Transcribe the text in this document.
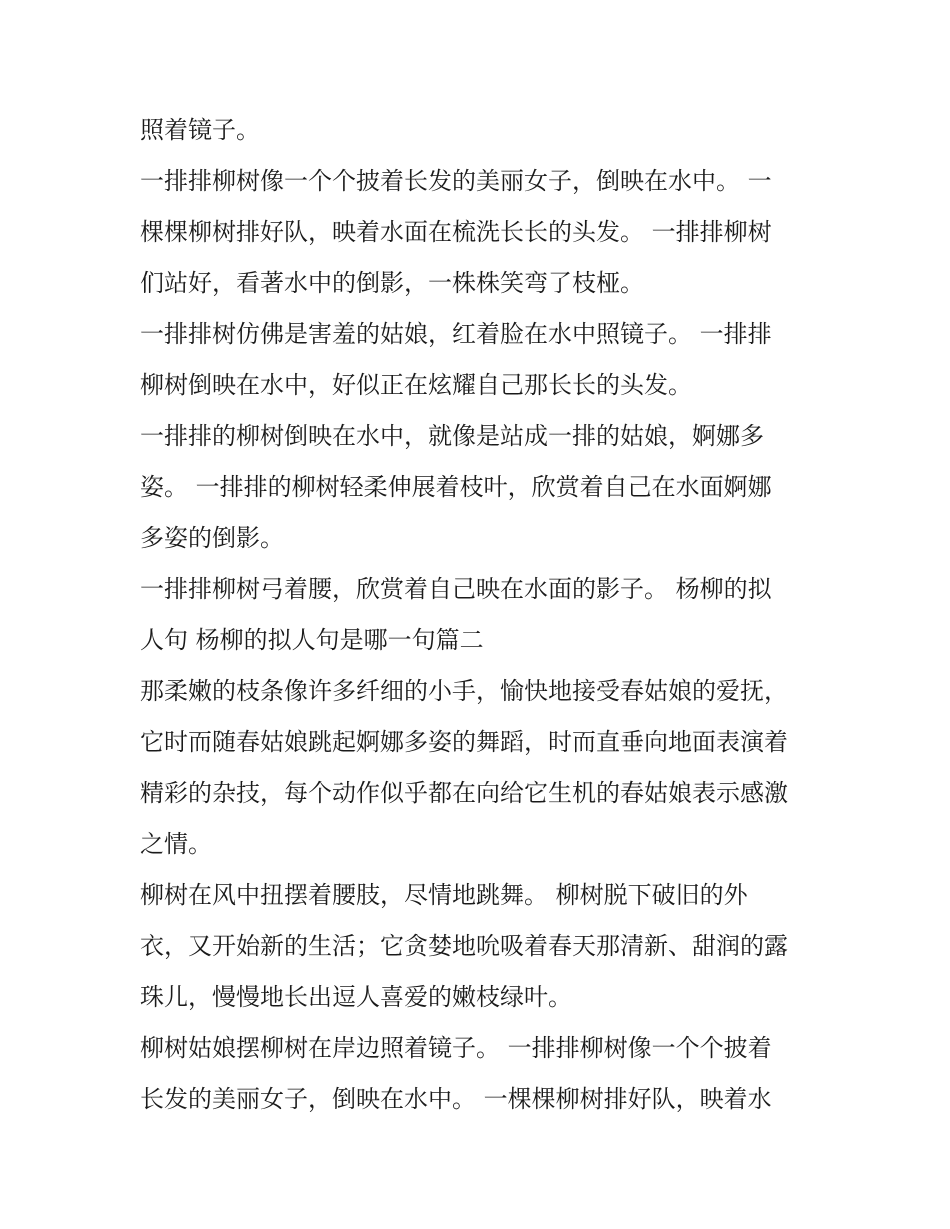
照着镜子。
一排排柳树像一个个披着长发的美丽女子，倒映在水中。 一
棵棵柳树排好队，映着水面在梳洗长长的头发。 一排排柳树
们站好，看著水中的倒影，一株株笑弯了枝桠。
一排排树仿佛是害羞的姑娘，红着脸在水中照镜子。 一排排
柳树倒映在水中，好似正在炫耀自己那长长的头发。
一排排的柳树倒映在水中，就像是站成一排的姑娘，婀娜多
姿。 一排排的柳树轻柔伸展着枝叶，欣赏着自己在水面婀娜
多姿的倒影。
一排排柳树弓着腰，欣赏着自己映在水面的影子。 杨柳的拟
人句 杨柳的拟人句是哪一句篇二
那柔嫩的枝条像许多纤细的小手，愉快地接受春姑娘的爱抚，
它时而随春姑娘跳起婀娜多姿的舞蹈，时而直垂向地面表演着
精彩的杂技，每个动作似乎都在向给它生机的春姑娘表示感激
之情。
柳树在风中扭摆着腰肢，尽情地跳舞。 柳树脱下破旧的外
衣，又开始新的生活；它贪婪地吮吸着春天那清新、甜润的露
珠儿，慢慢地长出逗人喜爱的嫩枝绿叶。
柳树姑娘摆柳树在岸边照着镜子。 一排排柳树像一个个披着
长发的美丽女子，倒映在水中。 一棵棵柳树排好队，映着水
